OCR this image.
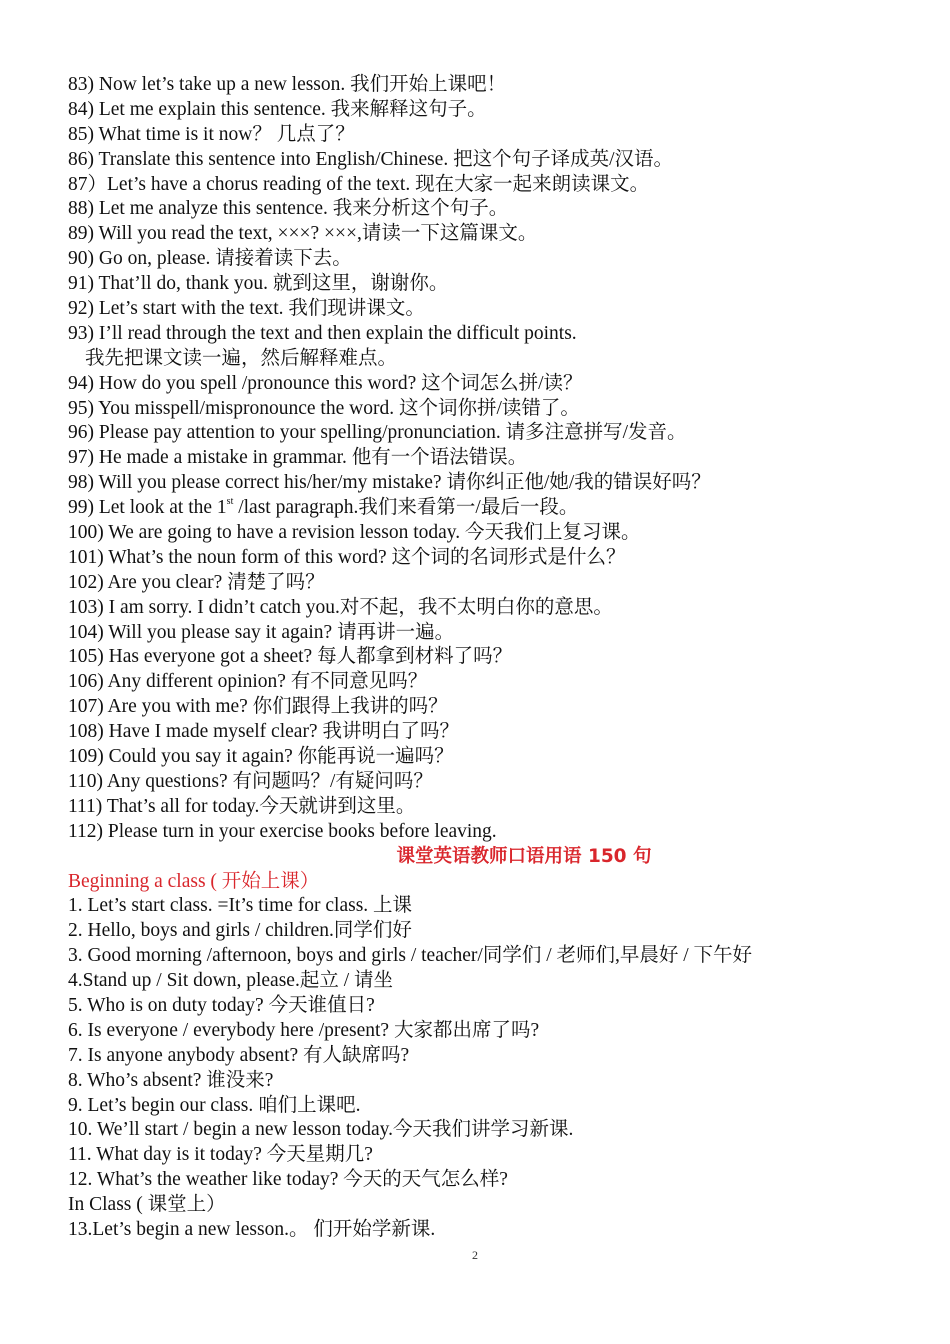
83) Now let’s take up a new lesson. 我们开始上课吧！
84) Let me explain this sentence. 我来解释这句子。
85) What time is it now？ 几点了？
86) Translate this sentence into English/Chinese. 把这个句子译成英/汉语。
87）Let’s have a chorus reading of the text. 现在大家一起来朗读课文。
88) Let me analyze this sentence. 我来分析这个句子。
89) Will you read the text, ×××? ×××,请读一下这篇课文。
90) Go on, please. 请接着读下去。
91) That’ll do, thank you. 就到这里，谢谢你。
92) Let’s start with the text. 我们现讲课文。
93) I’ll read through the text and then explain the difficult points.
我先把课文读一遍，然后解释难点。
94) How do you spell /pronounce this word? 这个词怎么拼/读？
95) You misspell/mispronounce the word. 这个词你拼/读错了。
96) Please pay attention to your spelling/pronunciation. 请多注意拼写/发音。
97) He made a mistake in grammar. 他有一个语法错误。
98) Will you please correct his/her/my mistake? 请你纠正他/她/我的错误好吗？
99) Let look at the 1st /last paragraph.我们来看第一/最后一段。
100) We are going to have a revision lesson today. 今天我们上复习课。
101) What’s the noun form of this word? 这个词的名词形式是什么？
102) Are you clear? 清楚了吗？
103) I am sorry. I didn’t catch you.对不起，我不太明白你的意思。
104) Will you please say it again? 请再讲一遍。
105) Has everyone got a sheet? 每人都拿到材料了吗？
106) Any different opinion? 有不同意见吗？
107) Are you with me? 你们跟得上我讲的吗？
108) Have I made myself clear? 我讲明白了吗？
109) Could you say it again? 你能再说一遍吗？
110) Any questions? 有问题吗？/有疑问吗？
111) That’s all for today.今天就讲到这里。
112) Please turn in your exercise books before leaving.
课堂英语教师口语用语 150 句
Beginning a class ( 开始上课）
1. Let’s start class. =It’s time for class. 上课
2. Hello, boys and girls / children.同学们好
3. Good morning /afternoon, boys and girls / teacher/同学们 / 老师们,早晨好 / 下午好
4.Stand up / Sit down, please.起立 / 请坐
5. Who is on duty today? 今天谁值日?
6. Is everyone / everybody here /present? 大家都出席了吗?
7. Is anyone anybody absent? 有人缺席吗?
8. Who’s absent? 谁没来?
9. Let’s begin our class. 咱们上课吧.
10. We’ll start / begin a new lesson today.今天我们讲学习新课.
11. What day is it today? 今天星期几?
12. What’s the weather like today? 今天的天气怎么样?
In Class ( 课堂上）
13.Let’s begin a new lesson.。 们开始学新课.
2
